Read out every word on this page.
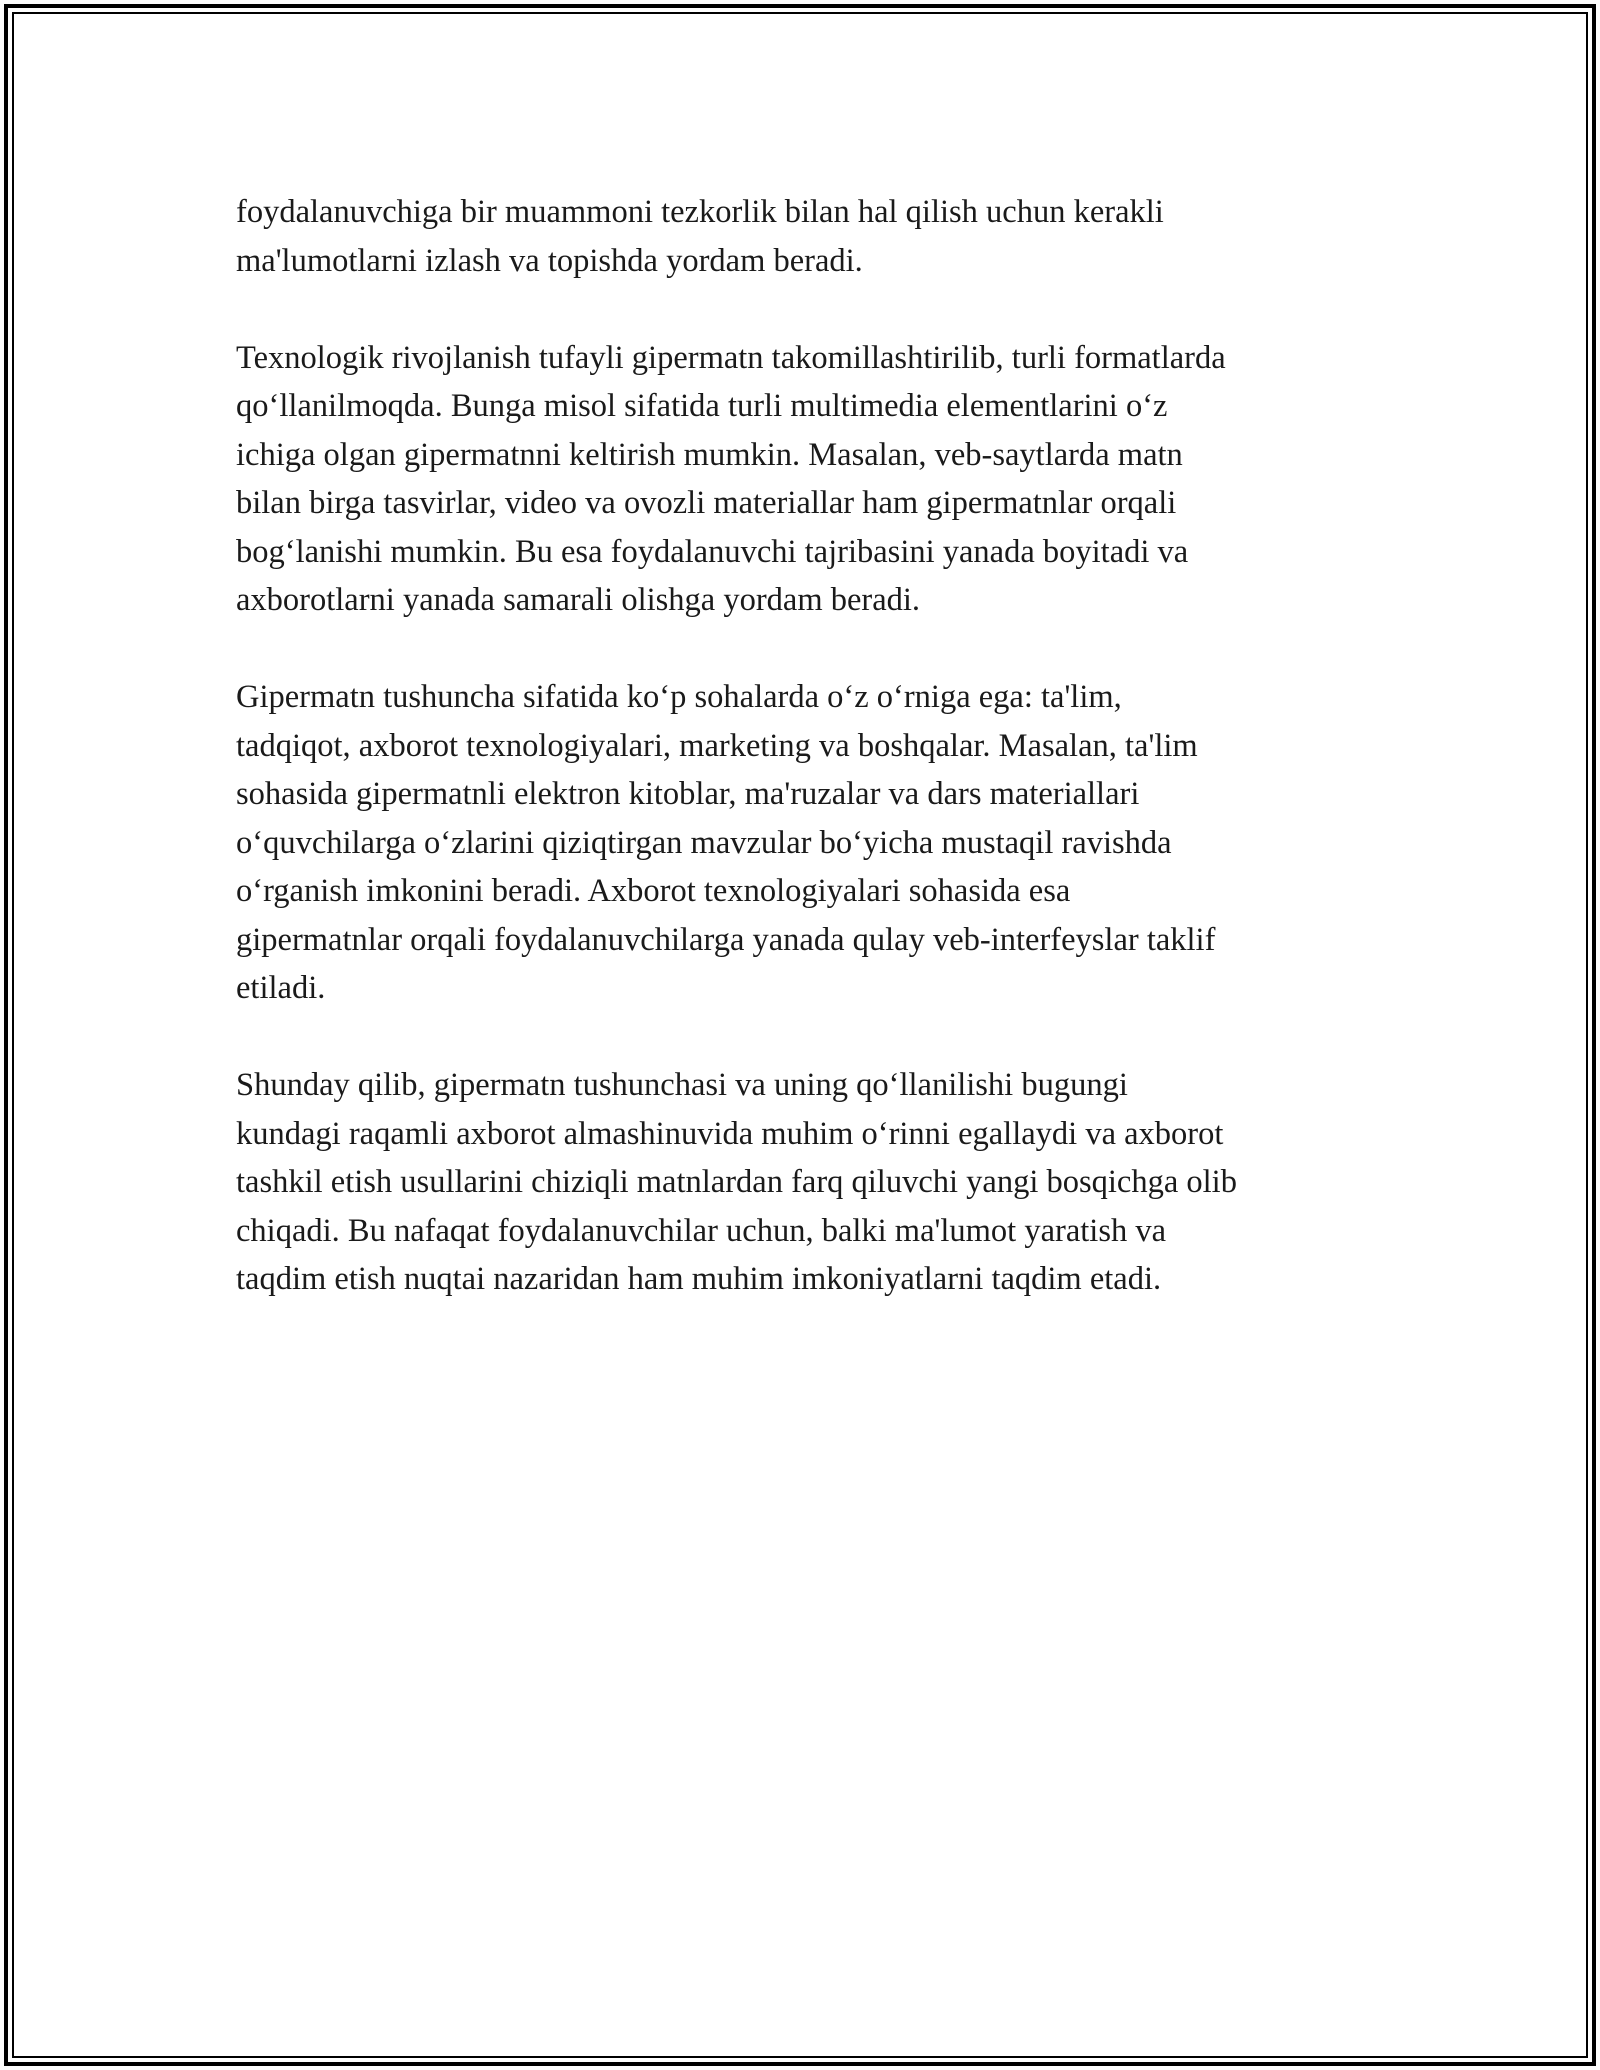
foydalanuvchiga bir muammoni tezkorlik bilan hal qilish uchun kerakli
ma'lumotlarni izlash va topishda yordam beradi.

Texnologik rivojlanish tufayli gipermatn takomillashtirilib, turli formatlarda
qo‘llanilmoqda. Bunga misol sifatida turli multimedia elementlarini o‘z
ichiga olgan gipermatnni keltirish mumkin. Masalan, veb-saytlarda matn
bilan birga tasvirlar, video va ovozli materiallar ham gipermatnlar orqali
bog‘lanishi mumkin. Bu esa foydalanuvchi tajribasini yanada boyitadi va
axborotlarni yanada samarali olishga yordam beradi.

Gipermatn tushuncha sifatida ko‘p sohalarda o‘z o‘rniga ega: ta'lim,
tadqiqot, axborot texnologiyalari, marketing va boshqalar. Masalan, ta'lim
sohasida gipermatnli elektron kitoblar, ma'ruzalar va dars materiallari
o‘quvchilarga o‘zlarini qiziqtirgan mavzular bo‘yicha mustaqil ravishda
o‘rganish imkonini beradi. Axborot texnologiyalari sohasida esa
gipermatnlar orqali foydalanuvchilarga yanada qulay veb-interfeyslar taklif
etiladi.

Shunday qilib, gipermatn tushunchasi va uning qo‘llanilishi bugungi
kundagi raqamli axborot almashinuvida muhim o‘rinni egallaydi va axborot
tashkil etish usullarini chiziqli matnlardan farq qiluvchi yangi bosqichga olib
chiqadi. Bu nafaqat foydalanuvchilar uchun, balki ma'lumot yaratish va
taqdim etish nuqtai nazaridan ham muhim imkoniyatlarni taqdim etadi.
